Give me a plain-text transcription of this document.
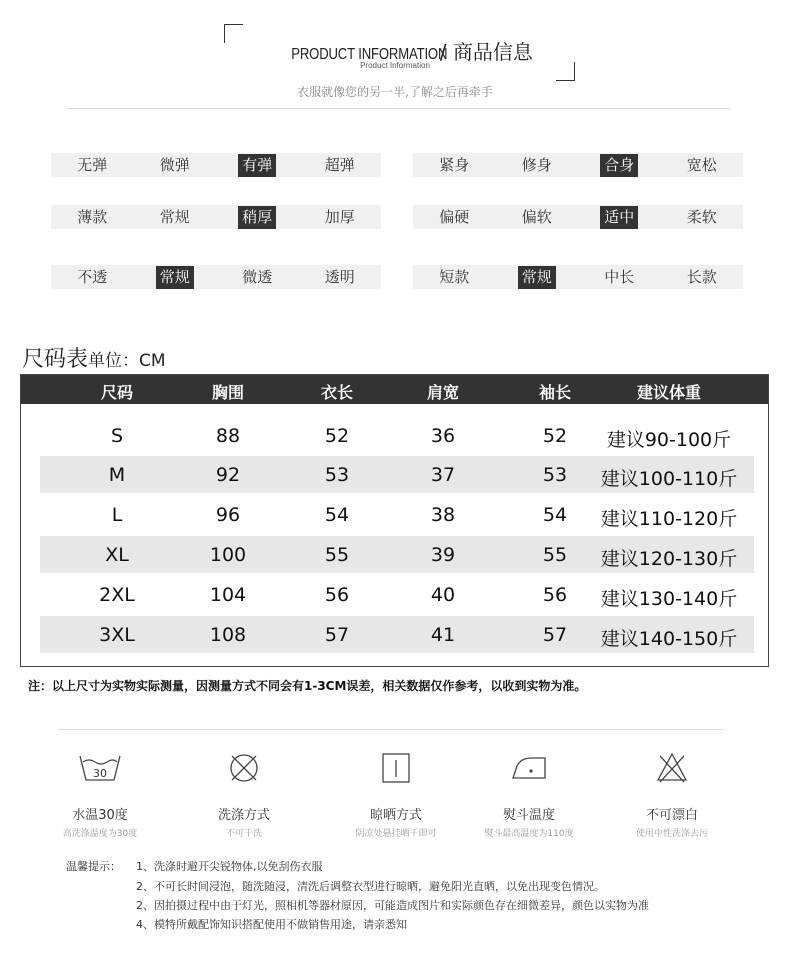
PRODUCT INFORMATION / 商品信息
Product Information
衣服就像您的另一半,了解之后再牵手
无弹	微弹	有弹	超弹	紧身	修身	合身	宽松
薄款	常规	稍厚	加厚	偏硬	偏软	适中	柔软
不透	常规	微透	透明	短款	常规	中长	长款
尺码表单位：CM
尺码	胸围	衣长	肩宽	袖长	建议体重
S	88	52	36	52 建议90-100斤
M	92	53	37	53 建议100-110斤
L	96	54	38	54 建议110-120斤
XL	100	55	39	55 建议120-130斤
2XL	104	56	40	56 建议130-140斤
3XL	108	57	41	57 建议140-150斤
注：以上尺寸为实物实际测量，因测量方式不同会有1-3CM误差，相关数据仅作参考，以收到实物为准。
30
水温30度
高洗涤温度为30度
洗涤方式
不可干洗
晾晒方式
阴凉处悬挂晒干即可
熨斗温度
熨斗最高温度为110度
不可漂白
使用中性洗涤去污
温馨提示： 1、洗涤时避开尖锐物体,以免刮伤衣服
2、不可长时间浸泡，随洗随浸，清洗后调整衣型进行晾晒，避免阳光直晒，以免出现变色情况。
2、因拍摄过程中由于灯光，照相机等器材原因，可能造成图片和实际颜色存在细微差异，颜色以实物为准
4、模特所戴配饰知识搭配使用不做销售用途，请亲悉知
